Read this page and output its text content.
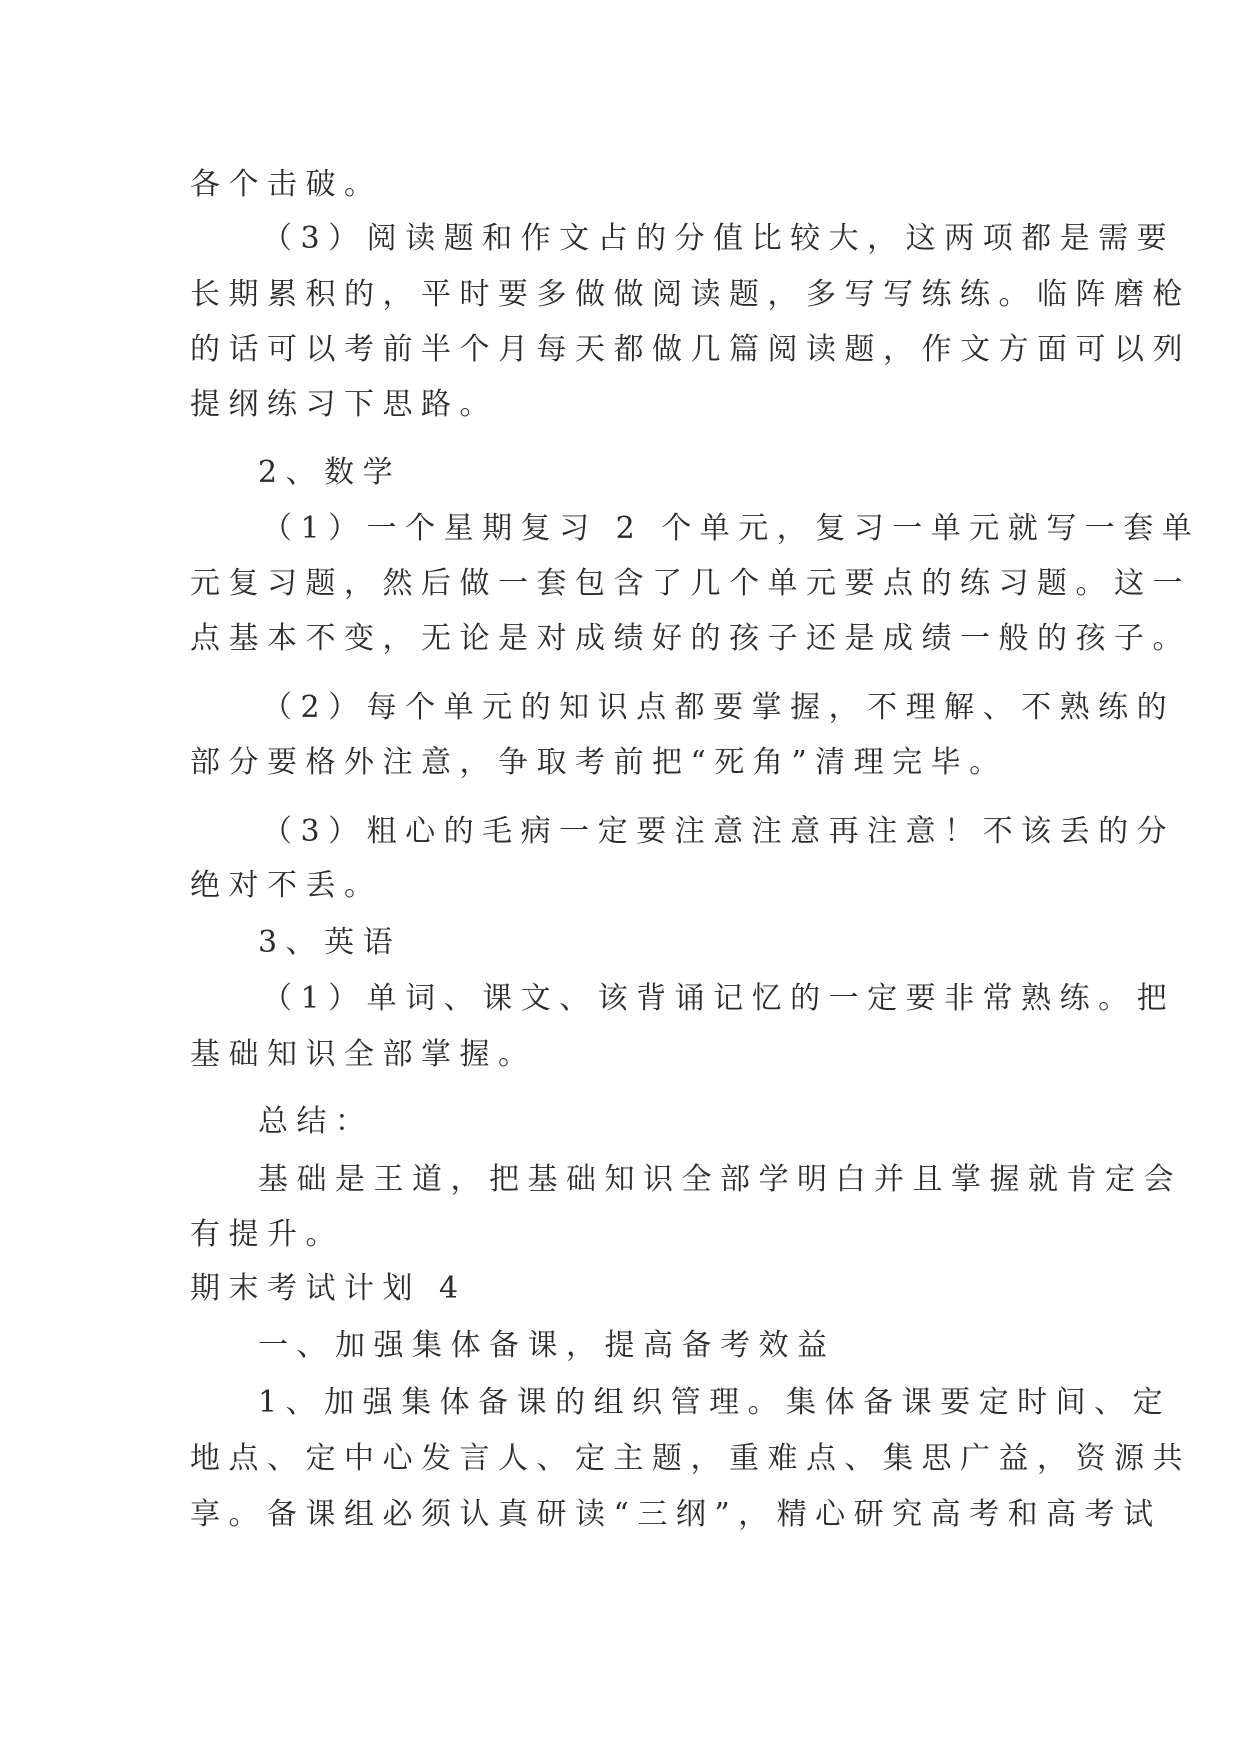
各个击破。

（3）阅读题和作文占的分值比较大，这两项都是需要

长期累积的，平时要多做做阅读题，多写写练练。临阵磨枪

的话可以考前半个月每天都做几篇阅读题，作文方面可以列

提纲练习下思路。

2、数学

（1）一个星期复习 2 个单元，复习一单元就写一套单

元复习题，然后做一套包含了几个单元要点的练习题。这一

点基本不变，无论是对成绩好的孩子还是成绩一般的孩子。

（2）每个单元的知识点都要掌握，不理解、不熟练的

部分要格外注意，争取考前把“死角”清理完毕。

（3）粗心的毛病一定要注意注意再注意！不该丢的分

绝对不丢。

3、英语

（1）单词、课文、该背诵记忆的一定要非常熟练。把

基础知识全部掌握。

总结：

基础是王道，把基础知识全部学明白并且掌握就肯定会

有提升。

期末考试计划 4

一、加强集体备课，提高备考效益

1、加强集体备课的组织管理。集体备课要定时间、定

地点、定中心发言人、定主题，重难点、集思广益，资源共

享。备课组必须认真研读“三纲”，精心研究高考和高考试
